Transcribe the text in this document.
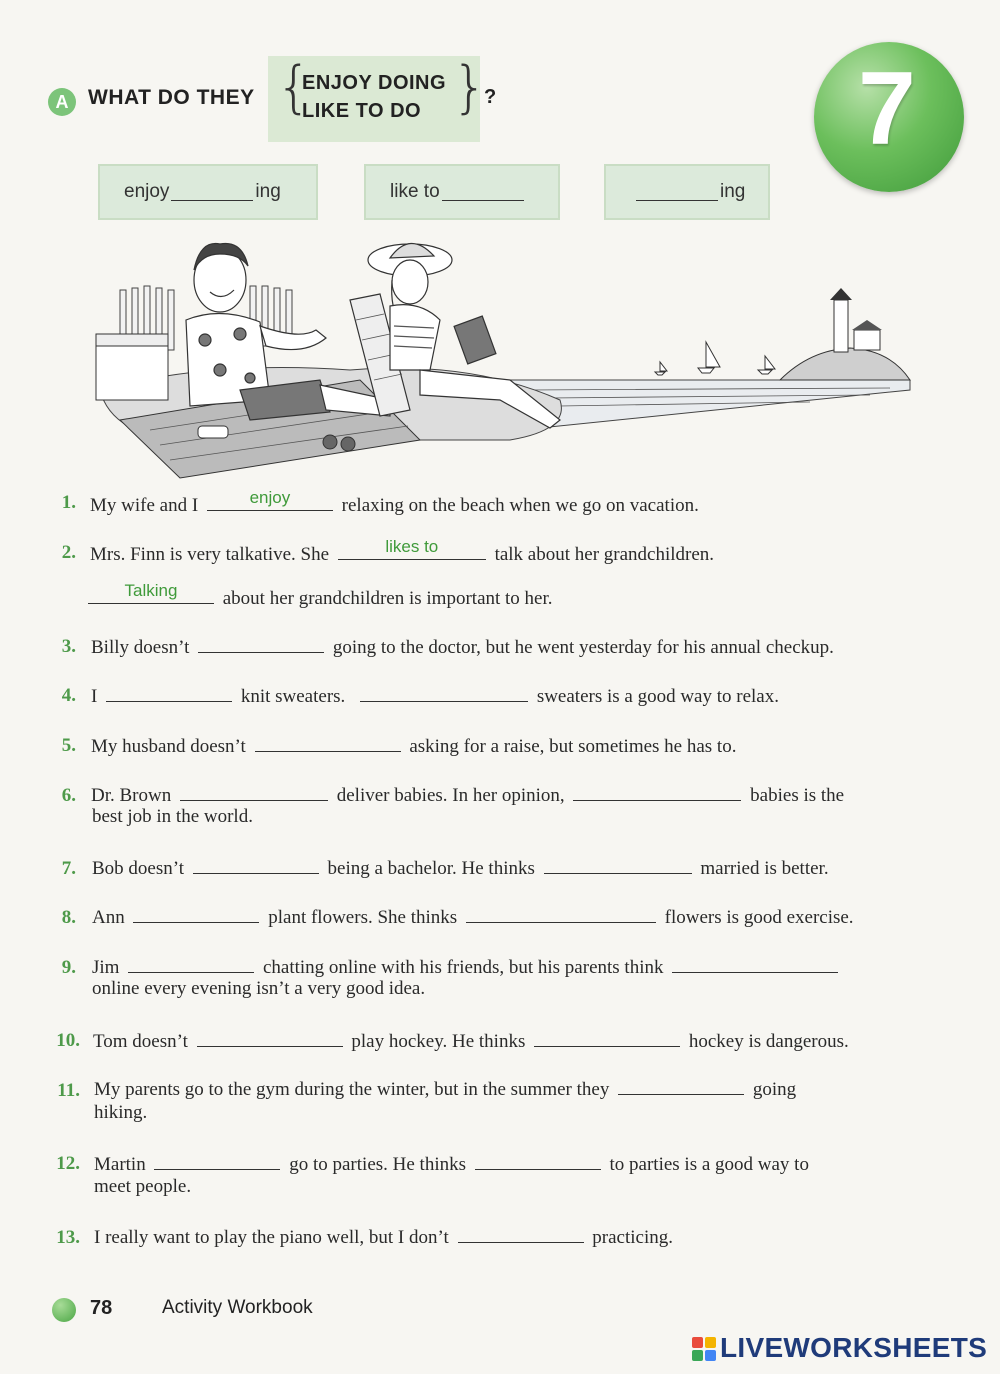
A WHAT DO THEY {	}
ENJOY DOING
LIKE TO DO
?	7
enjoy	ing	like to	ing
1. My wife and I	enjoy	relaxing on the beach when we go on vacation.
2. Mrs. Finn is very talkative. She	likes to	talk about her grandchildren.
Talking	about her grandchildren is important to her.
3. Billy doesn’t	going to the doctor, but he went yesterday for his annual checkup.
4. I	knit sweaters.	sweaters is a good way to relax.
5. My husband doesn’t	asking for a raise, but sometimes he has to.
6. Dr. Brown	deliver babies. In her opinion,	babies is the
best job in the world.
7. Bob doesn’t	being a bachelor. He thinks	married is better.
8. Ann	plant flowers. She thinks	flowers is good exercise.
9. Jim	chatting online with his friends, but his parents think
online every evening isn’t a very good idea.
10. Tom doesn’t	play hockey. He thinks	hockey is dangerous.
11. My parents go to the gym during the winter, but in the summer they	going
hiking.
12. Martin	go to parties. He thinks	to parties is a good way to
meet people.
13. I really want to play the piano well, but I don’t	practicing.
78	Activity Workbook
LIVEWORKSHEETS
